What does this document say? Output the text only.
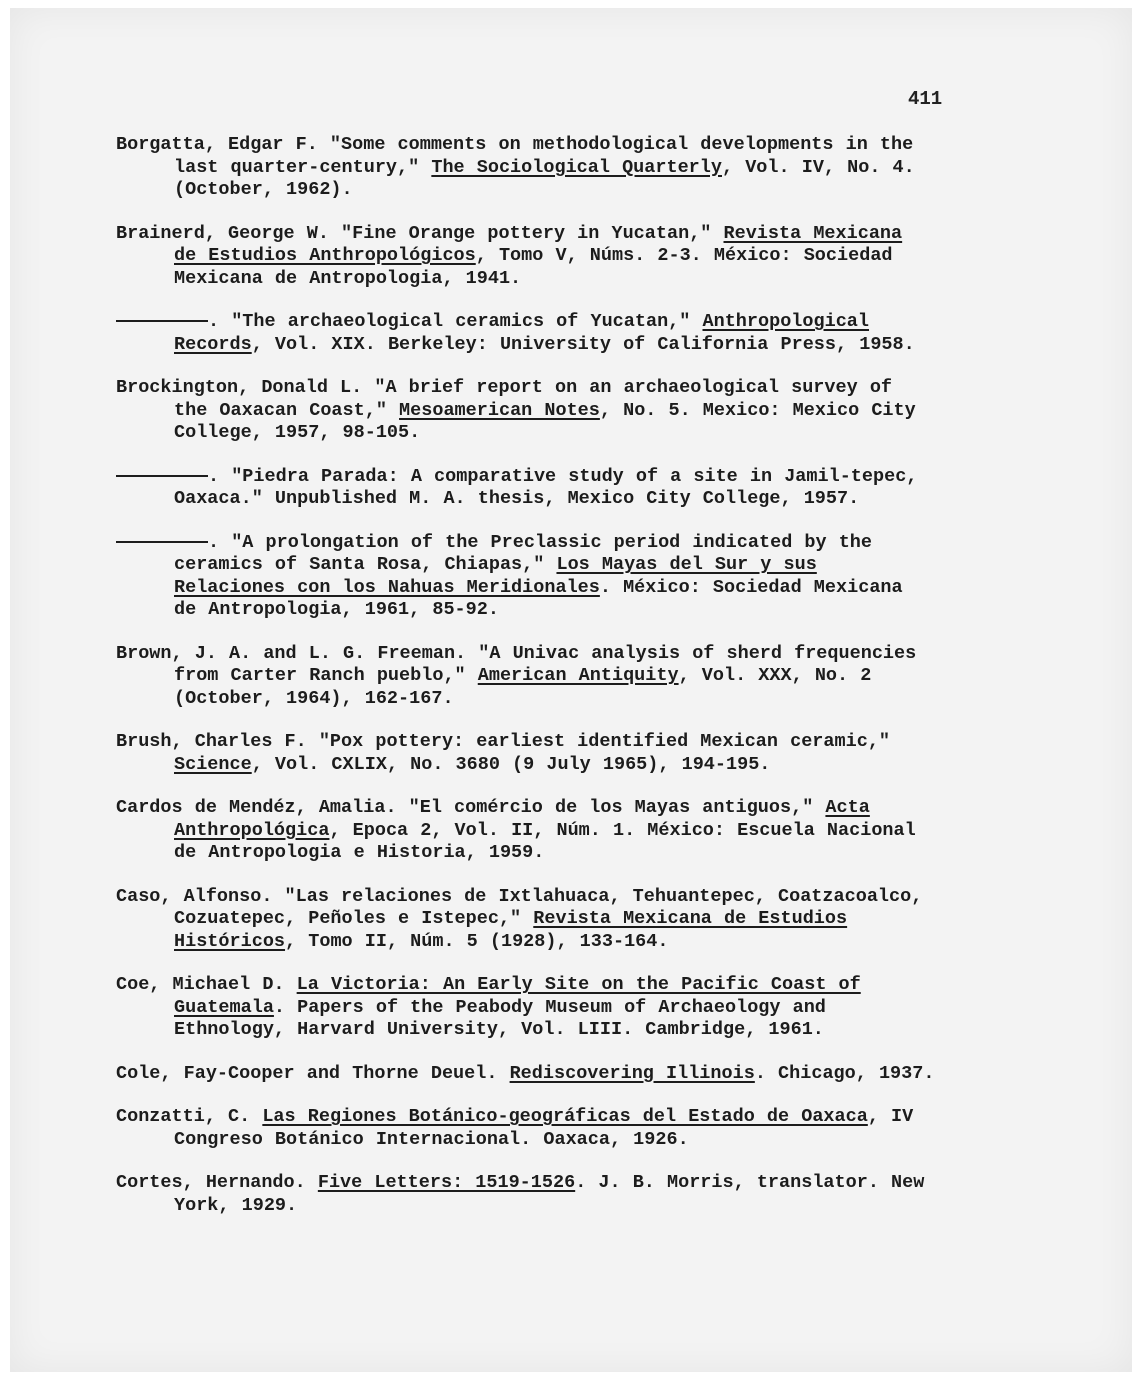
411

Borgatta, Edgar F. "Some comments on methodological developments in the last quarter-century," The Sociological Quarterly, Vol. IV, No. 4. (October, 1962).

Brainerd, George W. "Fine Orange pottery in Yucatan," Revista Mexicana de Estudios Anthropológicos, Tomo V, Núms. 2-3. México: Sociedad Mexicana de Antropologia, 1941.

. "The archaeological ceramics of Yucatan," Anthropological Records, Vol. XIX. Berkeley: University of California Press, 1958.

Brockington, Donald L. "A brief report on an archaeological survey of the Oaxacan Coast," Mesoamerican Notes, No. 5. Mexico: Mexico City College, 1957, 98-105.

. "Piedra Parada: A comparative study of a site in Jamil-tepec, Oaxaca." Unpublished M. A. thesis, Mexico City College, 1957.

. "A prolongation of the Preclassic period indicated by the ceramics of Santa Rosa, Chiapas," Los Mayas del Sur y sus Relaciones con los Nahuas Meridionales. México: Sociedad Mexicana de Antropologia, 1961, 85-92.

Brown, J. A. and L. G. Freeman. "A Univac analysis of sherd frequencies from Carter Ranch pueblo," American Antiquity, Vol. XXX, No. 2 (October, 1964), 162-167.

Brush, Charles F. "Pox pottery: earliest identified Mexican ceramic," Science, Vol. CXLIX, No. 3680 (9 July 1965), 194-195.

Cardos de Mendéz, Amalia. "El comércio de los Mayas antiguos," Acta Anthropológica, Epoca 2, Vol. II, Núm. 1. México: Escuela Nacional de Antropologia e Historia, 1959.

Caso, Alfonso. "Las relaciones de Ixtlahuaca, Tehuantepec, Coatzacoalco, Cozuatepec, Peñoles e Istepec," Revista Mexicana de Estudios Históricos, Tomo II, Núm. 5 (1928), 133-164.

Coe, Michael D. La Victoria: An Early Site on the Pacific Coast of Guatemala. Papers of the Peabody Museum of Archaeology and Ethnology, Harvard University, Vol. LIII. Cambridge, 1961.

Cole, Fay-Cooper and Thorne Deuel. Rediscovering Illinois. Chicago, 1937.

Conzatti, C. Las Regiones Botánico-geográficas del Estado de Oaxaca, IV Congreso Botánico Internacional. Oaxaca, 1926.

Cortes, Hernando. Five Letters: 1519-1526. J. B. Morris, translator. New York, 1929.
